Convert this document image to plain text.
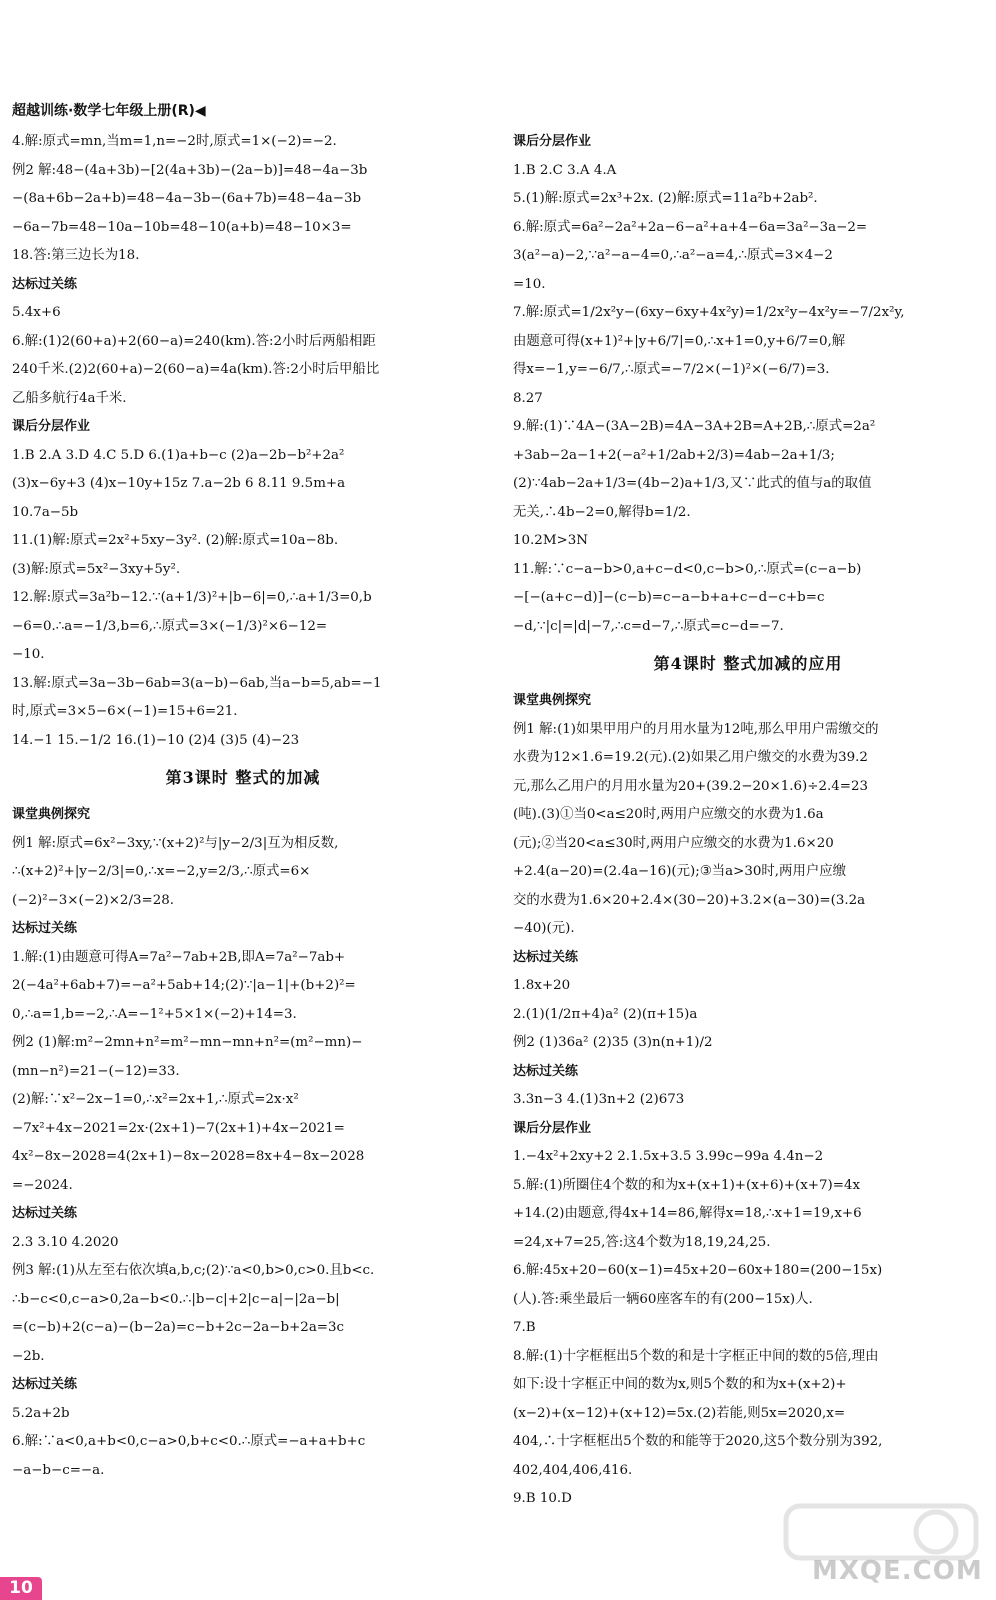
超越训练·数学七年级上册(R)◀

4.解:原式=mn,当m=1,n=−2时,原式=1×(−2)=−2.

例2 解:48−(4a+3b)−[2(4a+3b)−(2a−b)]=48−4a−3b

−(8a+6b−2a+b)=48−4a−3b−(6a+7b)=48−4a−3b

−6a−7b=48−10a−10b=48−10(a+b)=48−10×3=

18.答:第三边长为18.

达标过关练

5.4x+6

6.解:(1)2(60+a)+2(60−a)=240(km).答:2小时后两船相距

240千米.(2)2(60+a)−2(60−a)=4a(km).答:2小时后甲船比

乙船多航行4a千米.

课后分层作业

1.B 2.A 3.D 4.C 5.D 6.(1)a+b−c (2)a−2b−b²+2a²

(3)x−6y+3 (4)x−10y+15z 7.a−2b 6 8.11 9.5m+a

10.7a−5b

11.(1)解:原式=2x²+5xy−3y². (2)解:原式=10a−8b.

(3)解:原式=5x²−3xy+5y².

12.解:原式=3a²b−12.∵(a+1/3)²+|b−6|=0,∴a+1/3=0,b

−6=0.∴a=−1/3,b=6,∴原式=3×(−1/3)²×6−12=

−10.

13.解:原式=3a−3b−6ab=3(a−b)−6ab,当a−b=5,ab=−1

时,原式=3×5−6×(−1)=15+6=21.

14.−1 15.−1/2 16.(1)−10 (2)4 (3)5 (4)−23

第3课时 整式的加减

课堂典例探究

例1 解:原式=6x²−3xy,∵(x+2)²与|y−2/3|互为相反数,

∴(x+2)²+|y−2/3|=0,∴x=−2,y=2/3,∴原式=6×

(−2)²−3×(−2)×2/3=28.

达标过关练

1.解:(1)由题意可得A=7a²−7ab+2B,即A=7a²−7ab+

2(−4a²+6ab+7)=−a²+5ab+14;(2)∵|a−1|+(b+2)²=

0,∴a=1,b=−2,∴A=−1²+5×1×(−2)+14=3.

例2 (1)解:m²−2mn+n²=m²−mn−mn+n²=(m²−mn)−

(mn−n²)=21−(−12)=33.

(2)解:∵x²−2x−1=0,∴x²=2x+1,∴原式=2x·x²

−7x²+4x−2021=2x·(2x+1)−7(2x+1)+4x−2021=

4x²−8x−2028=4(2x+1)−8x−2028=8x+4−8x−2028

=−2024.

达标过关练

2.3 3.10 4.2020

例3 解:(1)从左至右依次填a,b,c;(2)∵a<0,b>0,c>0.且b<c.

∴b−c<0,c−a>0,2a−b<0.∴|b−c|+2|c−a|−|2a−b|

=(c−b)+2(c−a)−(b−2a)=c−b+2c−2a−b+2a=3c

−2b.

达标过关练

5.2a+2b

6.解:∵a<0,a+b<0,c−a>0,b+c<0.∴原式=−a+a+b+c

−a−b−c=−a.

课后分层作业

1.B 2.C 3.A 4.A

5.(1)解:原式=2x³+2x. (2)解:原式=11a²b+2ab².

6.解:原式=6a²−2a²+2a−6−a²+a+4−6a=3a²−3a−2=

3(a²−a)−2,∵a²−a−4=0,∴a²−a=4,∴原式=3×4−2

=10.

7.解:原式=1/2x²y−(6xy−6xy+4x²y)=1/2x²y−4x²y=−7/2x²y,

由题意可得(x+1)²+|y+6/7|=0,∴x+1=0,y+6/7=0,解

得x=−1,y=−6/7,∴原式=−7/2×(−1)²×(−6/7)=3.

8.27

9.解:(1)∵4A−(3A−2B)=4A−3A+2B=A+2B,∴原式=2a²

+3ab−2a−1+2(−a²+1/2ab+2/3)=4ab−2a+1/3;

(2)∵4ab−2a+1/3=(4b−2)a+1/3,又∵此式的值与a的取值

无关,∴4b−2=0,解得b=1/2.

10.2M>3N

11.解:∵c−a−b>0,a+c−d<0,c−b>0,∴原式=(c−a−b)

−[−(a+c−d)]−(c−b)=c−a−b+a+c−d−c+b=c

−d,∵|c|=|d|−7,∴c=d−7,∴原式=c−d=−7.

第4课时 整式加减的应用

课堂典例探究

例1 解:(1)如果甲用户的月用水量为12吨,那么甲用户需缴交的

水费为12×1.6=19.2(元).(2)如果乙用户缴交的水费为39.2

元,那么乙用户的月用水量为20+(39.2−20×1.6)÷2.4=23

(吨).(3)①当0<a≤20时,两用户应缴交的水费为1.6a

(元);②当20<a≤30时,两用户应缴交的水费为1.6×20

+2.4(a−20)=(2.4a−16)(元);③当a>30时,两用户应缴

交的水费为1.6×20+2.4×(30−20)+3.2×(a−30)=(3.2a

−40)(元).

达标过关练

1.8x+20

2.(1)(1/2π+4)a² (2)(π+15)a

例2 (1)36a² (2)35 (3)n(n+1)/2

达标过关练

3.3n−3 4.(1)3n+2 (2)673

课后分层作业

1.−4x²+2xy+2 2.1.5x+3.5 3.99c−99a 4.4n−2

5.解:(1)所圈住4个数的和为x+(x+1)+(x+6)+(x+7)=4x

+14.(2)由题意,得4x+14=86,解得x=18,∴x+1=19,x+6

=24,x+7=25,答:这4个数为18,19,24,25.

6.解:45x+20−60(x−1)=45x+20−60x+180=(200−15x)

(人).答:乘坐最后一辆60座客车的有(200−15x)人.

7.B

8.解:(1)十字框框出5个数的和是十字框正中间的数的5倍,理由

如下:设十字框正中间的数为x,则5个数的和为x+(x+2)+

(x−2)+(x−12)+(x+12)=5x.(2)若能,则5x=2020,x=

404,∴十字框框出5个数的和能等于2020,这5个数分别为392,

402,404,406,416.

9.B 10.D

MXQE.COM
10
